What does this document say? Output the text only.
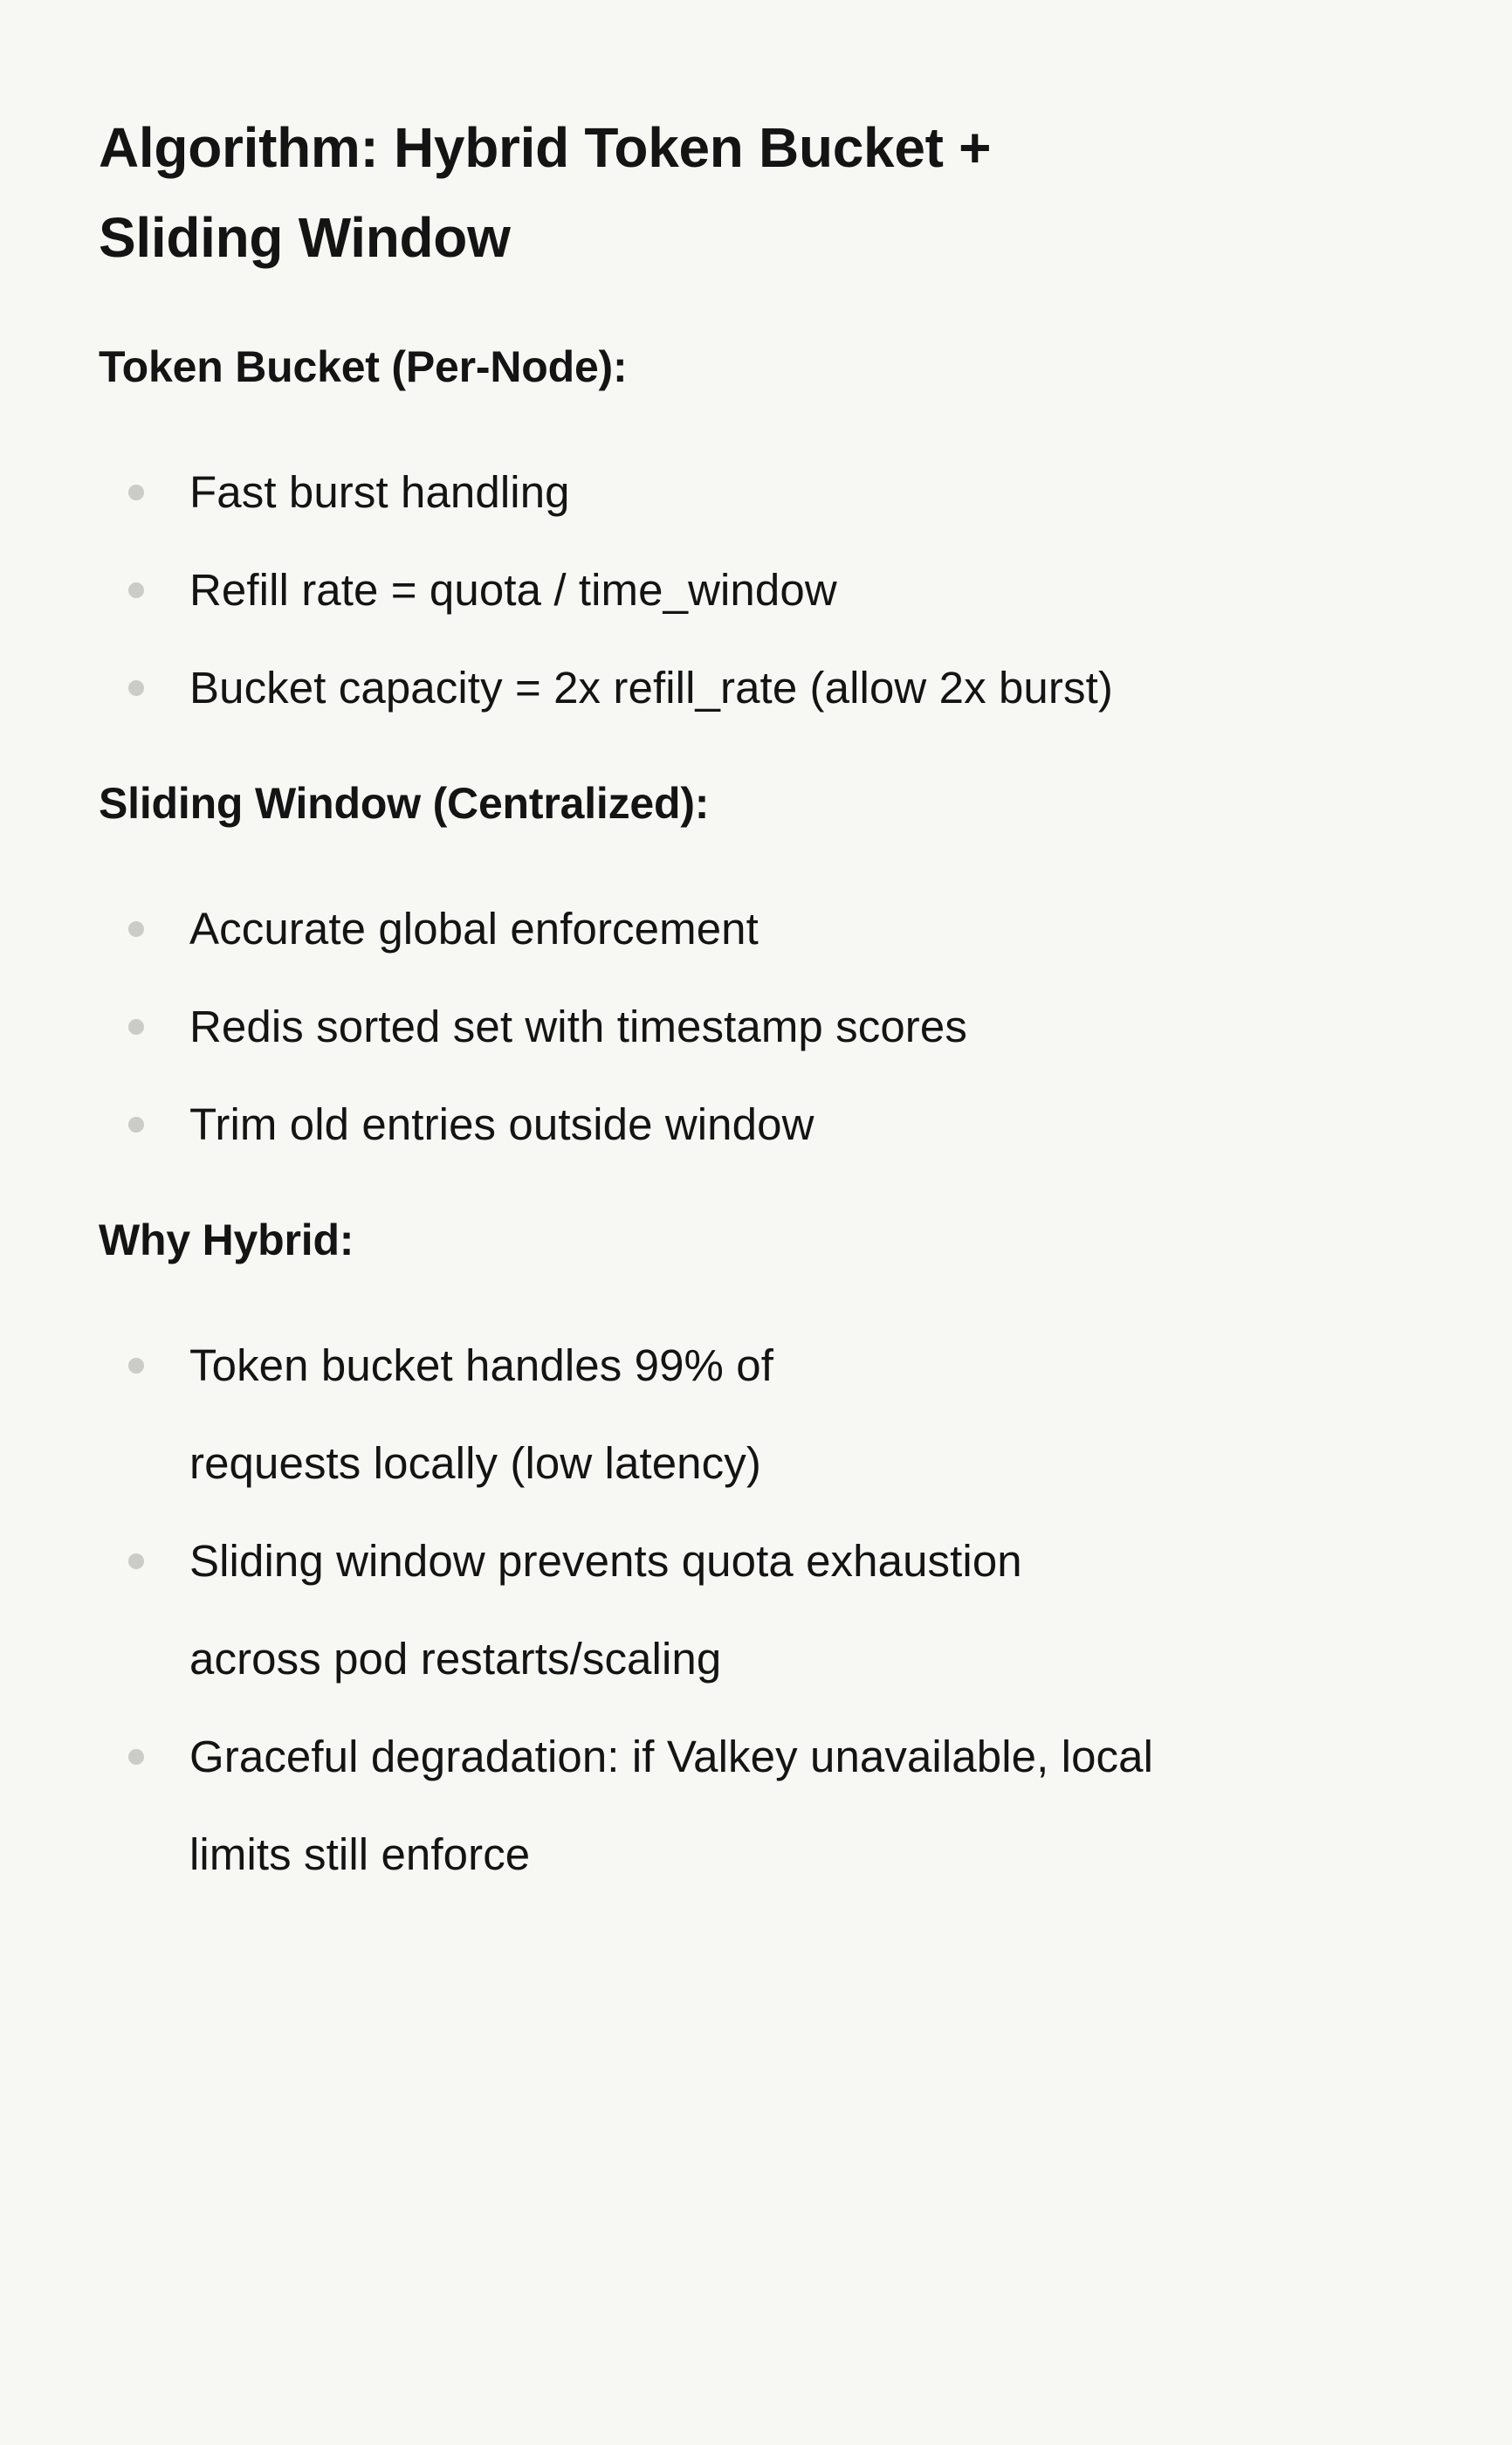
Algorithm: Hybrid Token Bucket + Sliding Window
Token Bucket (Per-Node):
Fast burst handling
Refill rate = quota / time_window
Bucket capacity = 2x refill_rate (allow 2x burst)
Sliding Window (Centralized):
Accurate global enforcement
Redis sorted set with timestamp scores
Trim old entries outside window
Why Hybrid:
Token bucket handles 99% of requests locally (low latency)
Sliding window prevents quota exhaustion across pod restarts/scaling
Graceful degradation: if Valkey unavailable, local limits still enforce
